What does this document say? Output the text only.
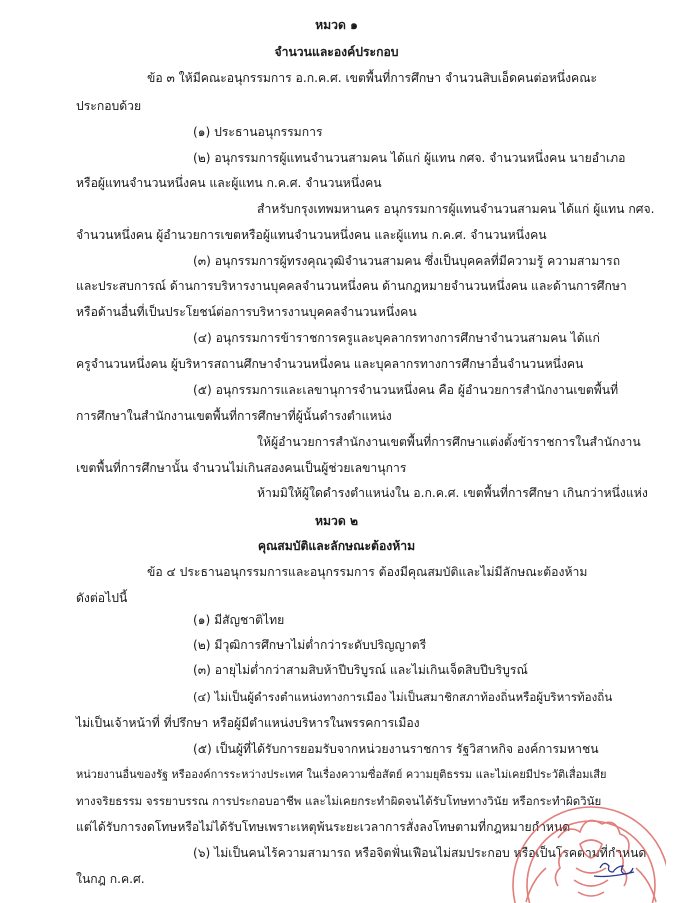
หมวด ๑
จำนวนและองค์ประกอบ
ข้อ ๓ ให้มีคณะอนุกรรมการ อ.ก.ค.ศ. เขตพื้นที่การศึกษา จำนวนสิบเอ็ดคนต่อหนึ่งคณะ
ประกอบด้วย
(๑) ประธานอนุกรรมการ
(๒) อนุกรรมการผู้แทนจำนวนสามคน ได้แก่ ผู้แทน กศจ. จำนวนหนึ่งคน นายอำเภอ
หรือผู้แทนจำนวนหนึ่งคน และผู้แทน ก.ค.ศ. จำนวนหนึ่งคน
สำหรับกรุงเทพมหานคร อนุกรรมการผู้แทนจำนวนสามคน ได้แก่ ผู้แทน กศจ.
จำนวนหนึ่งคน ผู้อำนวยการเขตหรือผู้แทนจำนวนหนึ่งคน และผู้แทน ก.ค.ศ. จำนวนหนึ่งคน
(๓) อนุกรรมการผู้ทรงคุณวุฒิจำนวนสามคน ซึ่งเป็นบุคคลที่มีความรู้ ความสามารถ
และประสบการณ์ ด้านการบริหารงานบุคคลจำนวนหนึ่งคน ด้านกฎหมายจำนวนหนึ่งคน และด้านการศึกษา
หรือด้านอื่นที่เป็นประโยชน์ต่อการบริหารงานบุคคลจำนวนหนึ่งคน
(๔) อนุกรรมการข้าราชการครูและบุคลากรทางการศึกษาจำนวนสามคน ได้แก่
ครูจำนวนหนึ่งคน ผู้บริหารสถานศึกษาจำนวนหนึ่งคน และบุคลากรทางการศึกษาอื่นจำนวนหนึ่งคน
(๕) อนุกรรมการและเลขานุการจำนวนหนึ่งคน คือ ผู้อำนวยการสำนักงานเขตพื้นที่
การศึกษาในสำนักงานเขตพื้นที่การศึกษาที่ผู้นั้นดำรงตำแหน่ง
ให้ผู้อำนวยการสำนักงานเขตพื้นที่การศึกษาแต่งตั้งข้าราชการในสำนักงาน
เขตพื้นที่การศึกษานั้น จำนวนไม่เกินสองคนเป็นผู้ช่วยเลขานุการ
ห้ามมิให้ผู้ใดดำรงตำแหน่งใน อ.ก.ค.ศ. เขตพื้นที่การศึกษา เกินกว่าหนึ่งแห่ง
หมวด ๒
คุณสมบัติและลักษณะต้องห้าม
ข้อ ๔ ประธานอนุกรรมการและอนุกรรมการ ต้องมีคุณสมบัติและไม่มีลักษณะต้องห้าม
ดังต่อไปนี้
(๑) มีสัญชาติไทย
(๒) มีวุฒิการศึกษาไม่ต่ำกว่าระดับปริญญาตรี
(๓) อายุไม่ต่ำกว่าสามสิบห้าปีบริบูรณ์ และไม่เกินเจ็ดสิบปีบริบูรณ์
(๔) ไม่เป็นผู้ดำรงตำแหน่งทางการเมือง ไม่เป็นสมาชิกสภาท้องถิ่นหรือผู้บริหารท้องถิ่น
ไม่เป็นเจ้าหน้าที่ ที่ปรึกษา หรือผู้มีตำแหน่งบริหารในพรรคการเมือง
(๕) เป็นผู้ที่ได้รับการยอมรับจากหน่วยงานราชการ รัฐวิสาหกิจ องค์การมหาชน
หน่วยงานอื่นของรัฐ หรือองค์การระหว่างประเทศ ในเรื่องความซื่อสัตย์ ความยุติธรรม และไม่เคยมีประวัติเสื่อมเสีย
ทางจริยธรรม จรรยาบรรณ การประกอบอาชีพ และไม่เคยกระทำผิดจนได้รับโทษทางวินัย หรือกระทำผิดวินัย
แต่ได้รับการงดโทษหรือไม่ได้รับโทษเพราะเหตุพ้นระยะเวลาการสั่งลงโทษตามที่กฎหมายกำหนด
(๖) ไม่เป็นคนไร้ความสามารถ หรือจิตฟั่นเฟือนไม่สมประกอบ หรือเป็นโรคตามที่กำหนด
ในกฎ ก.ค.ศ.
